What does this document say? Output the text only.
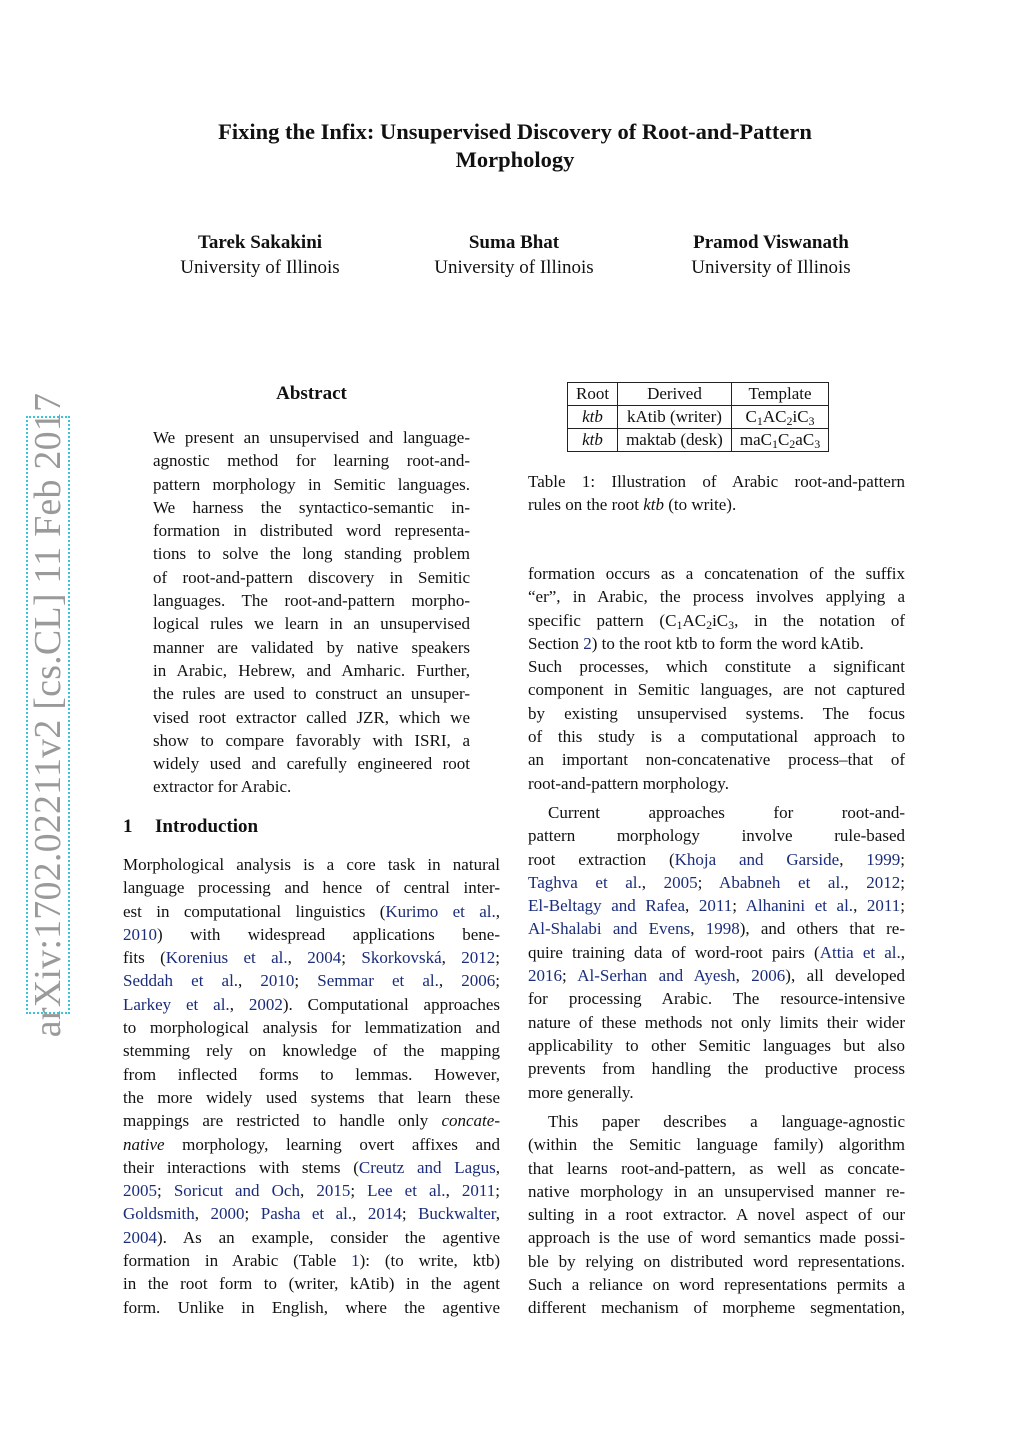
Fixing the Infix: Unsupervised Discovery of Root-and-Pattern
Morphology
Tarek Sakakini
University of Illinois
Suma Bhat
University of Illinois
Pramod Viswanath
University of Illinois
arXiv:1702.02211v2 [cs.CL] 11 Feb 2017	Abstract
We present an unsupervised and language-
agnostic method for learning root-and-
pattern morphology in Semitic languages.
We harness the syntactico-semantic in-
formation in distributed word representa-
tions to solve the long standing problem
of root-and-pattern discovery in Semitic
languages. The root-and-pattern morpho-
logical rules we learn in an unsupervised
manner are validated by native speakers
in Arabic, Hebrew, and Amharic. Further,
the rules are used to construct an unsuper-
vised root extractor called JZR, which we
show to compare favorably with ISRI, a
widely used and carefully engineered root
extractor for Arabic.
1 Introduction
Morphological analysis is a core task in natural
language processing and hence of central inter-
est in computational linguistics (Kurimo et al.,
2010) with widespread applications bene-
fits (Korenius et al., 2004; Skorkovská, 2012;
Seddah et al., 2010; Semmar et al., 2006;
Larkey et al., 2002). Computational approaches
to morphological analysis for lemmatization and
stemming rely on knowledge of the mapping
from inflected forms to lemmas. However,
the more widely used systems that learn these
mappings are restricted to handle only concate-
native morphology, learning overt affixes and
their interactions with stems (Creutz and Lagus,
2005; Soricut and Och, 2015; Lee et al., 2011;
Goldsmith, 2000; Pasha et al., 2014; Buckwalter,
2004). As an example, consider the agentive
formation in Arabic (Table 1): (to write, ktb)
in the root form to (writer, kAtib) in the agent
form. Unlike in English, where the agentive
Root	Derived	Template
ktb	kAtib (writer)	$C_1AC_2iC_3$
ktb	maktab (desk)	$maC_1C_2aC_3$
Table 1: Illustration of Arabic root-and-pattern
rules on the root ktb (to write).
formation occurs as a concatenation of the suffix
“er”, in Arabic, the process involves applying a
specific pattern ($C_1AC_2iC_3$, in the notation of
Section 2) to the root ktb to form the word kAtib.
Such processes, which constitute a significant
component in Semitic languages, are not captured
by existing unsupervised systems. The focus
of this study is a computational approach to
an important non-concatenative process–that of
root-and-pattern morphology.
Current approaches for root-and-
pattern morphology involve rule-based
root extraction (Khoja and Garside, 1999;
Taghva et al., 2005; Ababneh et al., 2012;
El-Beltagy and Rafea, 2011; Alhanini et al., 2011;
Al-Shalabi and Evens, 1998), and others that re-
quire training data of word-root pairs (Attia et al.,
2016; Al-Serhan and Ayesh, 2006), all developed
for processing Arabic. The resource-intensive
nature of these methods not only limits their wider
applicability to other Semitic languages but also
prevents from handling the productive process
more generally.
This paper describes a language-agnostic
(within the Semitic language family) algorithm
that learns root-and-pattern, as well as concate-
native morphology in an unsupervised manner re-
sulting in a root extractor. A novel aspect of our
approach is the use of word semantics made possi-
ble by relying on distributed word representations.
Such a reliance on word representations permits a
different mechanism of morpheme segmentation,
